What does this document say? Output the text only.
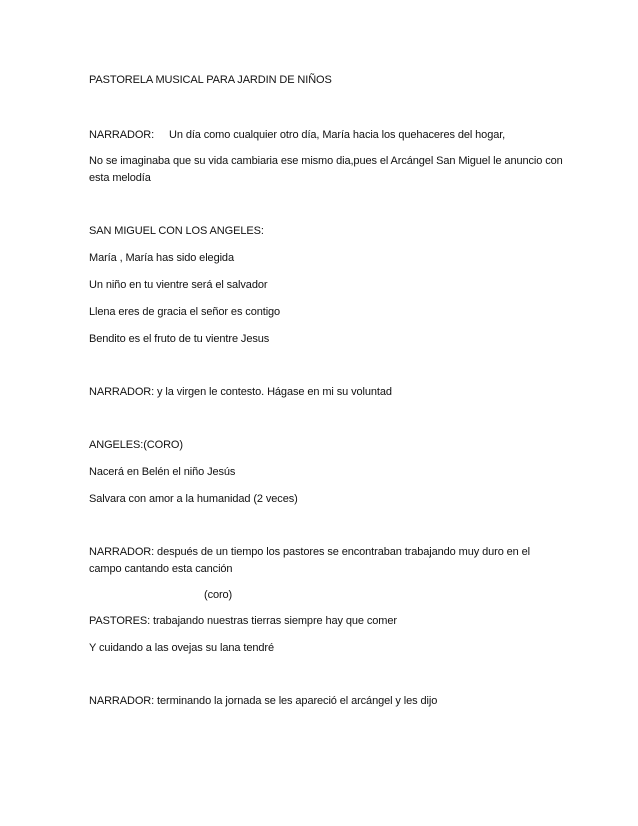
PASTORELA MUSICAL PARA JARDIN DE NIÑOS
NARRADOR: Un día como cualquier otro día, María hacia los quehaceres del hogar,
No se imaginaba que su vida cambiaria ese mismo dia,pues el Arcángel San Miguel le anuncio con
esta melodía
SAN MIGUEL CON LOS ANGELES:
María , María has sido elegida
Un niño en tu vientre será el salvador
Llena eres de gracia el señor es contigo
Bendito es el fruto de tu vientre Jesus
NARRADOR: y la virgen le contesto. Hágase en mi su voluntad
ANGELES:(CORO)
Nacerá en Belén el niño Jesús
Salvara con amor a la humanidad (2 veces)
NARRADOR: después de un tiempo los pastores se encontraban trabajando muy duro en el
campo cantando esta canción
(coro)
PASTORES: trabajando nuestras tierras siempre hay que comer
Y cuidando a las ovejas su lana tendré
NARRADOR: terminando la jornada se les apareció el arcángel y les dijo
